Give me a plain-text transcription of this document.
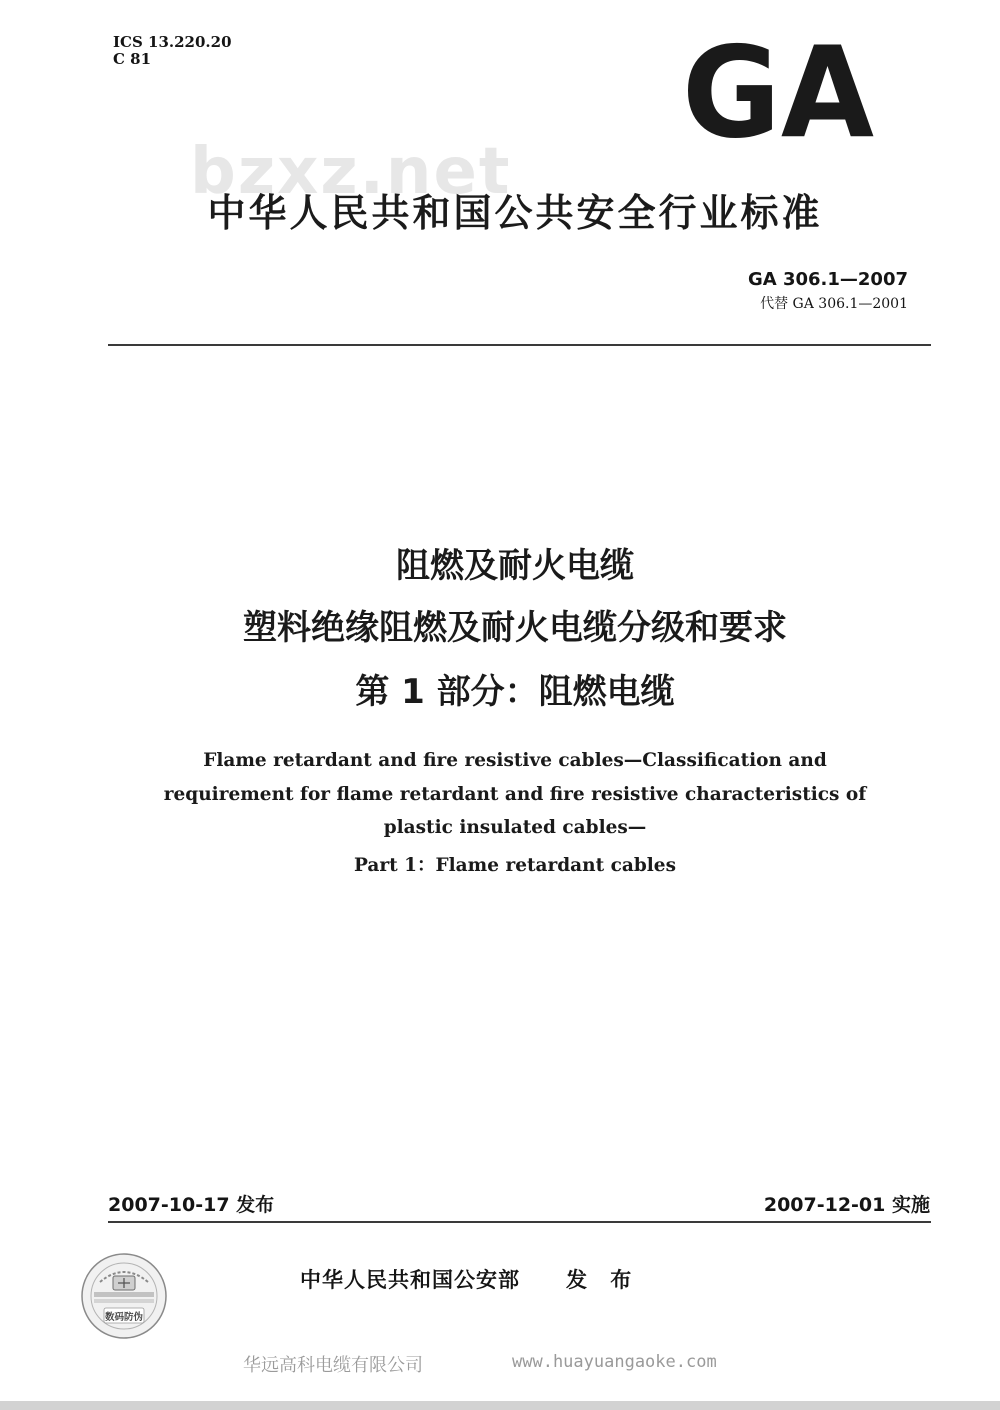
ICS 13.220.20
C 81	GA
bzxz.net
中华人民共和国公共安全行业标准
GA 306.1—2007
代替 GA 306.1—2001
阻燃及耐火电缆
塑料绝缘阻燃及耐火电缆分级和要求
第 1 部分：阻燃电缆
Flame retardant and fire resistive cables—Classification and
requirement for flame retardant and fire resistive characteristics of
plastic insulated cables—
Part 1：Flame retardant cables
2007-10-17 发布	2007-12-01 实施
数码防伪
中华人民共和国公安部 发 布
华远高科电缆有限公司	www.huayuangaoke.com
